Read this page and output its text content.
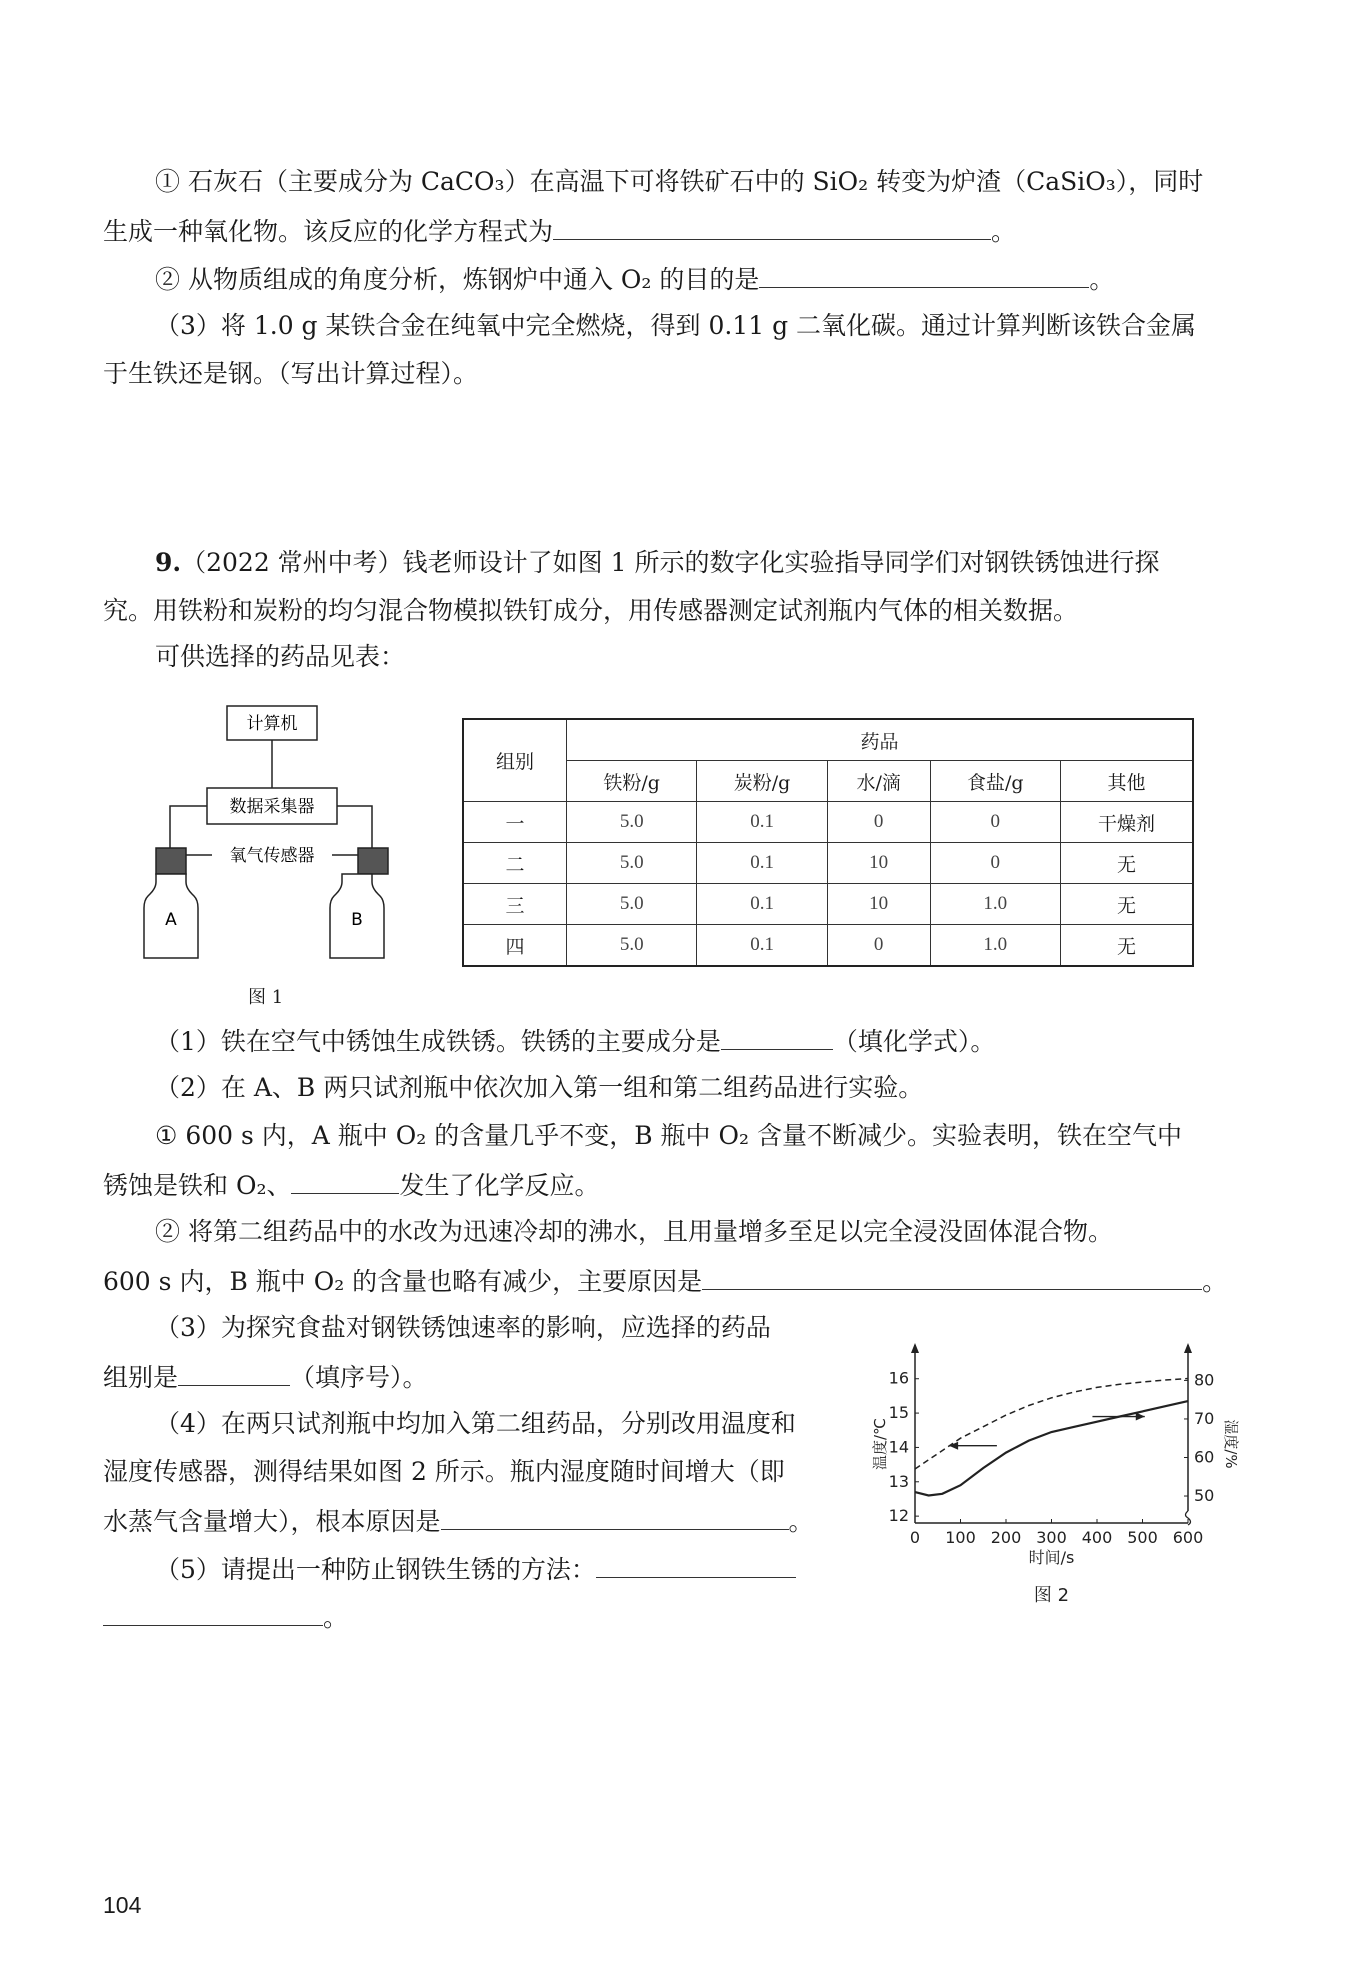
① 石灰石（主要成分为 CaCO₃）在高温下可将铁矿石中的 SiO₂ 转变为炉渣（CaSiO₃），同时
生成一种氧化物。该反应的化学方程式为	。
② 从物质组成的角度分析，炼钢炉中通入 O₂ 的目的是	。
（3）将 1.0 g 某铁合金在纯氧中完全燃烧，得到 0.11 g 二氧化碳。通过计算判断该铁合金属
于生铁还是钢。（写出计算过程）。
9.（2022 常州中考）钱老师设计了如图 1 所示的数字化实验指导同学们对钢铁锈蚀进行探
究。用铁粉和炭粉的均匀混合物模拟铁钉成分，用传感器测定试剂瓶内气体的相关数据。
可供选择的药品见表：
计算机
数据采集器
氧气传感器
A	B
图 1
组别	药品				
	铁粉/g	炭粉/g	水/滴	食盐/g	其他
一	5.0	0.1	0	0	干燥剂
二	5.0	0.1	10	0	无
三	5.0	0.1	10	1.0	无
四	5.0	0.1	0	1.0	无
（1）铁在空气中锈蚀生成铁锈。铁锈的主要成分是	（填化学式）。
（2）在 A、B 两只试剂瓶中依次加入第一组和第二组药品进行实验。
① 600 s 内，A 瓶中 O₂ 的含量几乎不变，B 瓶中 O₂ 含量不断减少。实验表明，铁在空气中
锈蚀是铁和 O₂、	发生了化学反应。
② 将第二组药品中的水改为迅速冷却的沸水，且用量增多至足以完全浸没固体混合物。
600 s 内，B 瓶中 O₂ 的含量也略有减少，主要原因是	。
（3）为探究食盐对钢铁锈蚀速率的影响，应选择的药品
组别是	（填序号）。
（4）在两只试剂瓶中均加入第二组药品，分别改用温度和
湿度传感器，测得结果如图 2 所示。瓶内湿度随时间增大（即
水蒸气含量增大），根本原因是	。
（5）请提出一种防止钢铁生锈的方法：
。
0 100 200 300 400 500 600
12
13
14
15
16
50
60
70
80
时间/s
温度/℃	湿度/%
图 2
104
